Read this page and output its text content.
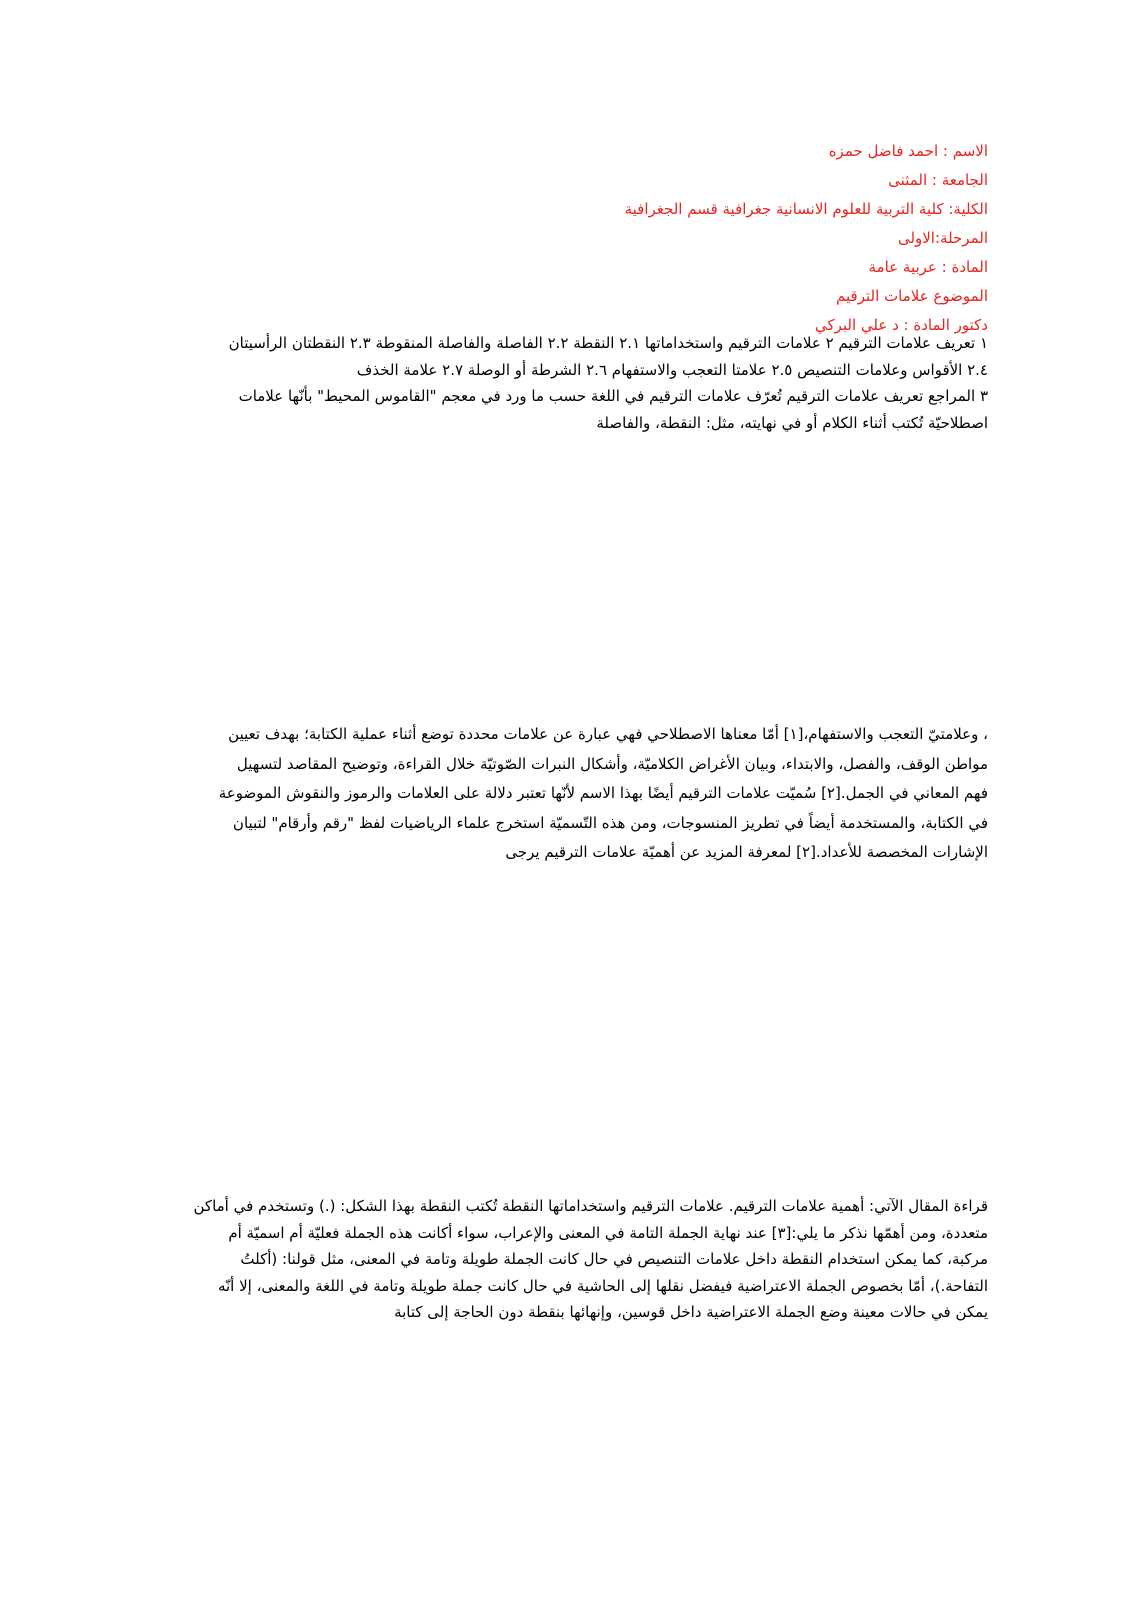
الاسم : احمد فاضل حمزه
الجامعة : المثنى
الكلية: كلية التربية للعلوم الانسانية جغرافية قسم الجغرافية
المرحلة:الاولى
المادة : عربية عامة
الموضوع علامات الترقيم
دكتور المادة : د علي البركي
١ تعريف علامات الترقيم ٢ علامات الترقيم واستخداماتها ٢.١ النقطة ٢.٢ الفاصلة والفاصلة المنقوطة ٢.٣ النقطتان الرأسيتان
٢.٤ الأقواس وعلامات التنصيص ٢.٥ علامتا التعجب والاستفهام ٢.٦ الشرطة أو الوصلة ٢.٧ علامة الخذف
٣ المراجع تعريف علامات الترقيم تُعرّف علامات الترقيم في اللغة حسب ما ورد في معجم "القاموس المحيط" بأنّها علامات
اصطلاحيّة تُكتب أثناء الكلام أو في نهايته، مثل: النقطة، والفاصلة
، وعلامتيّ التعجب والاستفهام،[١] أمّا معناها الاصطلاحي فهي عبارة عن علامات محددة توضع أثناء عملية الكتابة؛ بهدف تعيين
مواطن الوقف، والفصل، والابتداء، وبيان الأغراض الكلاميّة، وأشكال النبرات الصّوتيّة خلال القراءة، وتوضيح المقاصد لتسهيل
فهم المعاني في الجمل.[٢] سُميّت علامات الترقيم أيضًا بهذا الاسم لأنّها تعتبر دلالة على العلامات والرموز والنقوش الموضوعة
في الكتابة، والمستخدمة أيضاً في تطريز المنسوجات، ومن هذه التّسميّة استخرج علماء الرياضيات لفظ "رقم وأرقام" لتبيان
الإشارات المخصصة للأعداد.[٢] لمعرفة المزيد عن أهميّة علامات الترقيم يرجى
قراءة المقال الآتي: أهمية علامات الترقيم. علامات الترقيم واستخداماتها النقطة تُكتب النقطة بهذا الشكل: (.) وتستخدم في أماكن
متعددة، ومن أهمّها نذكر ما يلي:[٣] عند نهاية الجملة التامة في المعنى والإعراب، سواء أكانت هذه الجملة فعليّة أم اسميّة أم
مركبة، كما يمكن استخدام النقطة داخل علامات التنصيص في حال كانت الجملة طويلة وتامة في المعنى، مثل قولنا: (أكلتُ
التفاحة.)، أمّا بخصوص الجملة الاعتراضية فيفضل نقلها إلى الحاشية في حال كانت جملة طويلة وتامة في اللغة والمعنى، إلا أنّه
يمكن في حالات معينة وضع الجملة الاعتراضية داخل قوسين، وإنهائها بنقطة دون الحاجة إلى كتابة
